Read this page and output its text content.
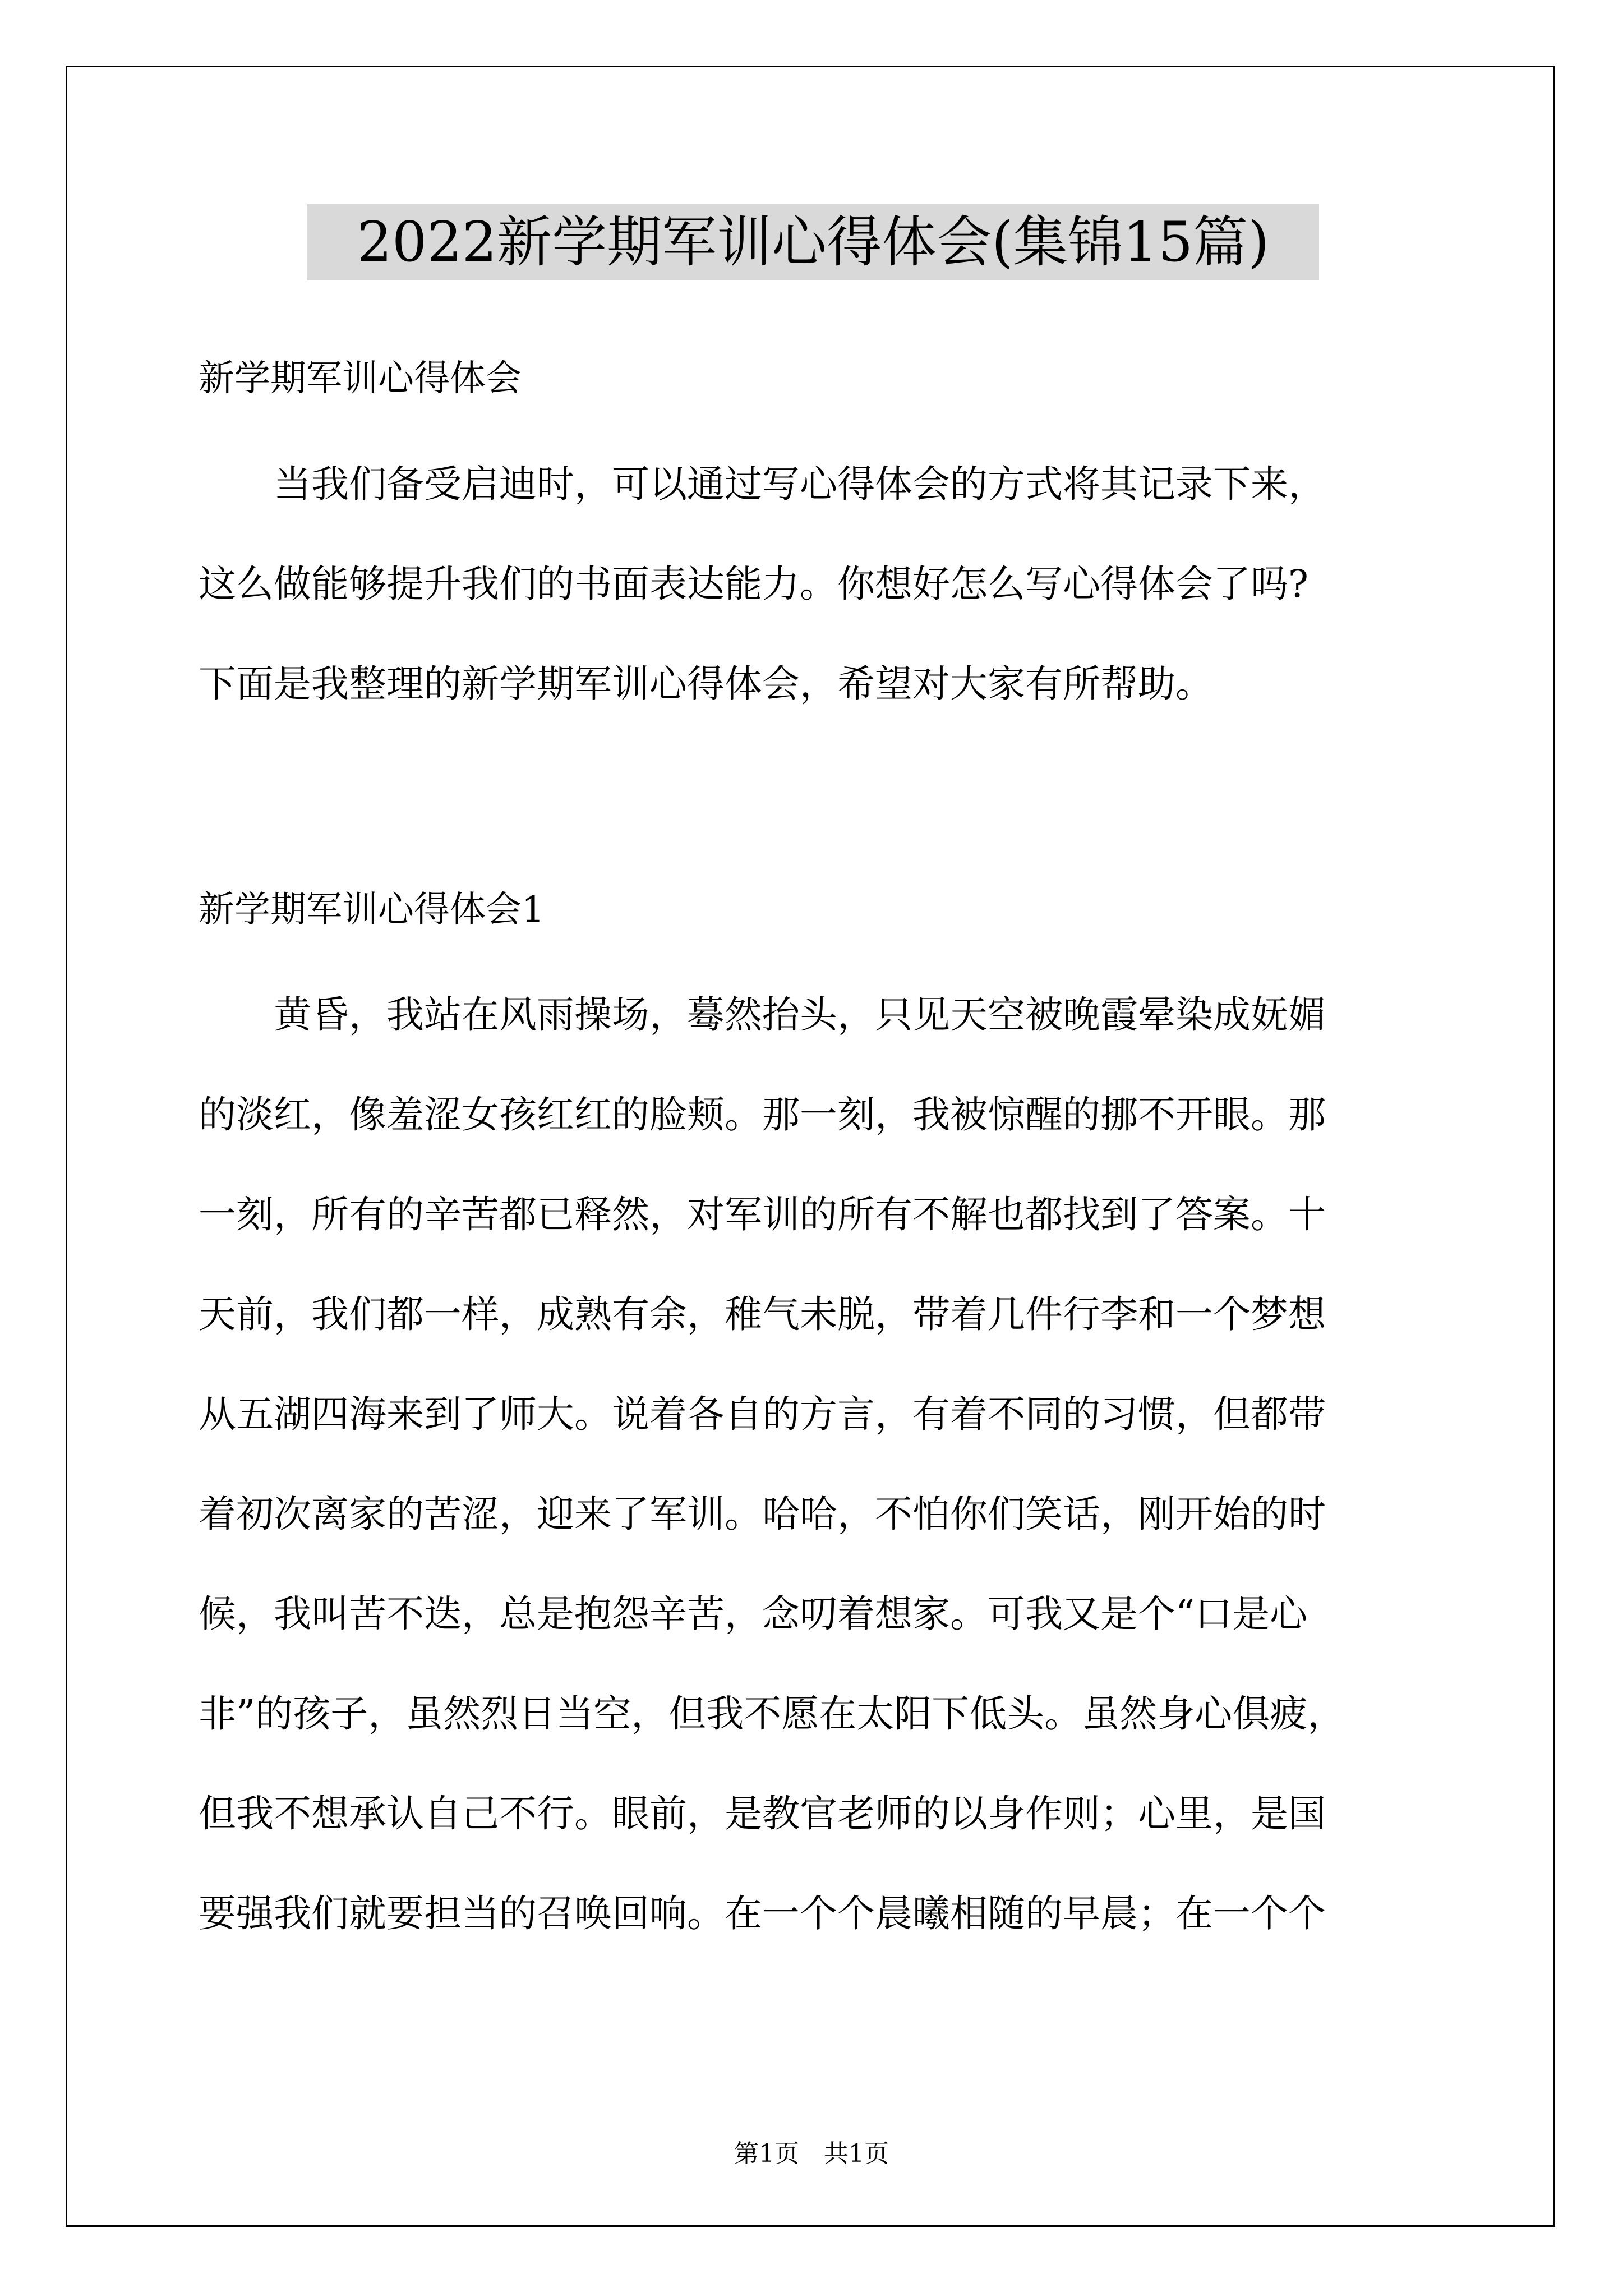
2022新学期军训心得体会(集锦15篇)

新学期军训心得体会

　　当我们备受启迪时，可以通过写心得体会的方式将其记录下来，
这么做能够提升我们的书面表达能力。你想好怎么写心得体会了吗?
下面是我整理的新学期军训心得体会，希望对大家有所帮助。

新学期军训心得体会1

　　黄昏，我站在风雨操场，蓦然抬头，只见天空被晚霞晕染成妩媚
的淡红，像羞涩女孩红红的脸颊。那一刻，我被惊醒的挪不开眼。那
一刻，所有的辛苦都已释然，对军训的所有不解也都找到了答案。十
天前，我们都一样，成熟有余，稚气未脱，带着几件行李和一个梦想
从五湖四海来到了师大。说着各自的方言，有着不同的习惯，但都带
着初次离家的苦涩，迎来了军训。哈哈，不怕你们笑话，刚开始的时
候，我叫苦不迭，总是抱怨辛苦，念叨着想家。可我又是个“口是心
非”的孩子，虽然烈日当空，但我不愿在太阳下低头。虽然身心俱疲，
但我不想承认自己不行。眼前，是教官老师的以身作则；心里，是国
要强我们就要担当的召唤回响。在一个个晨曦相随的早晨；在一个个
第1页　共1页
